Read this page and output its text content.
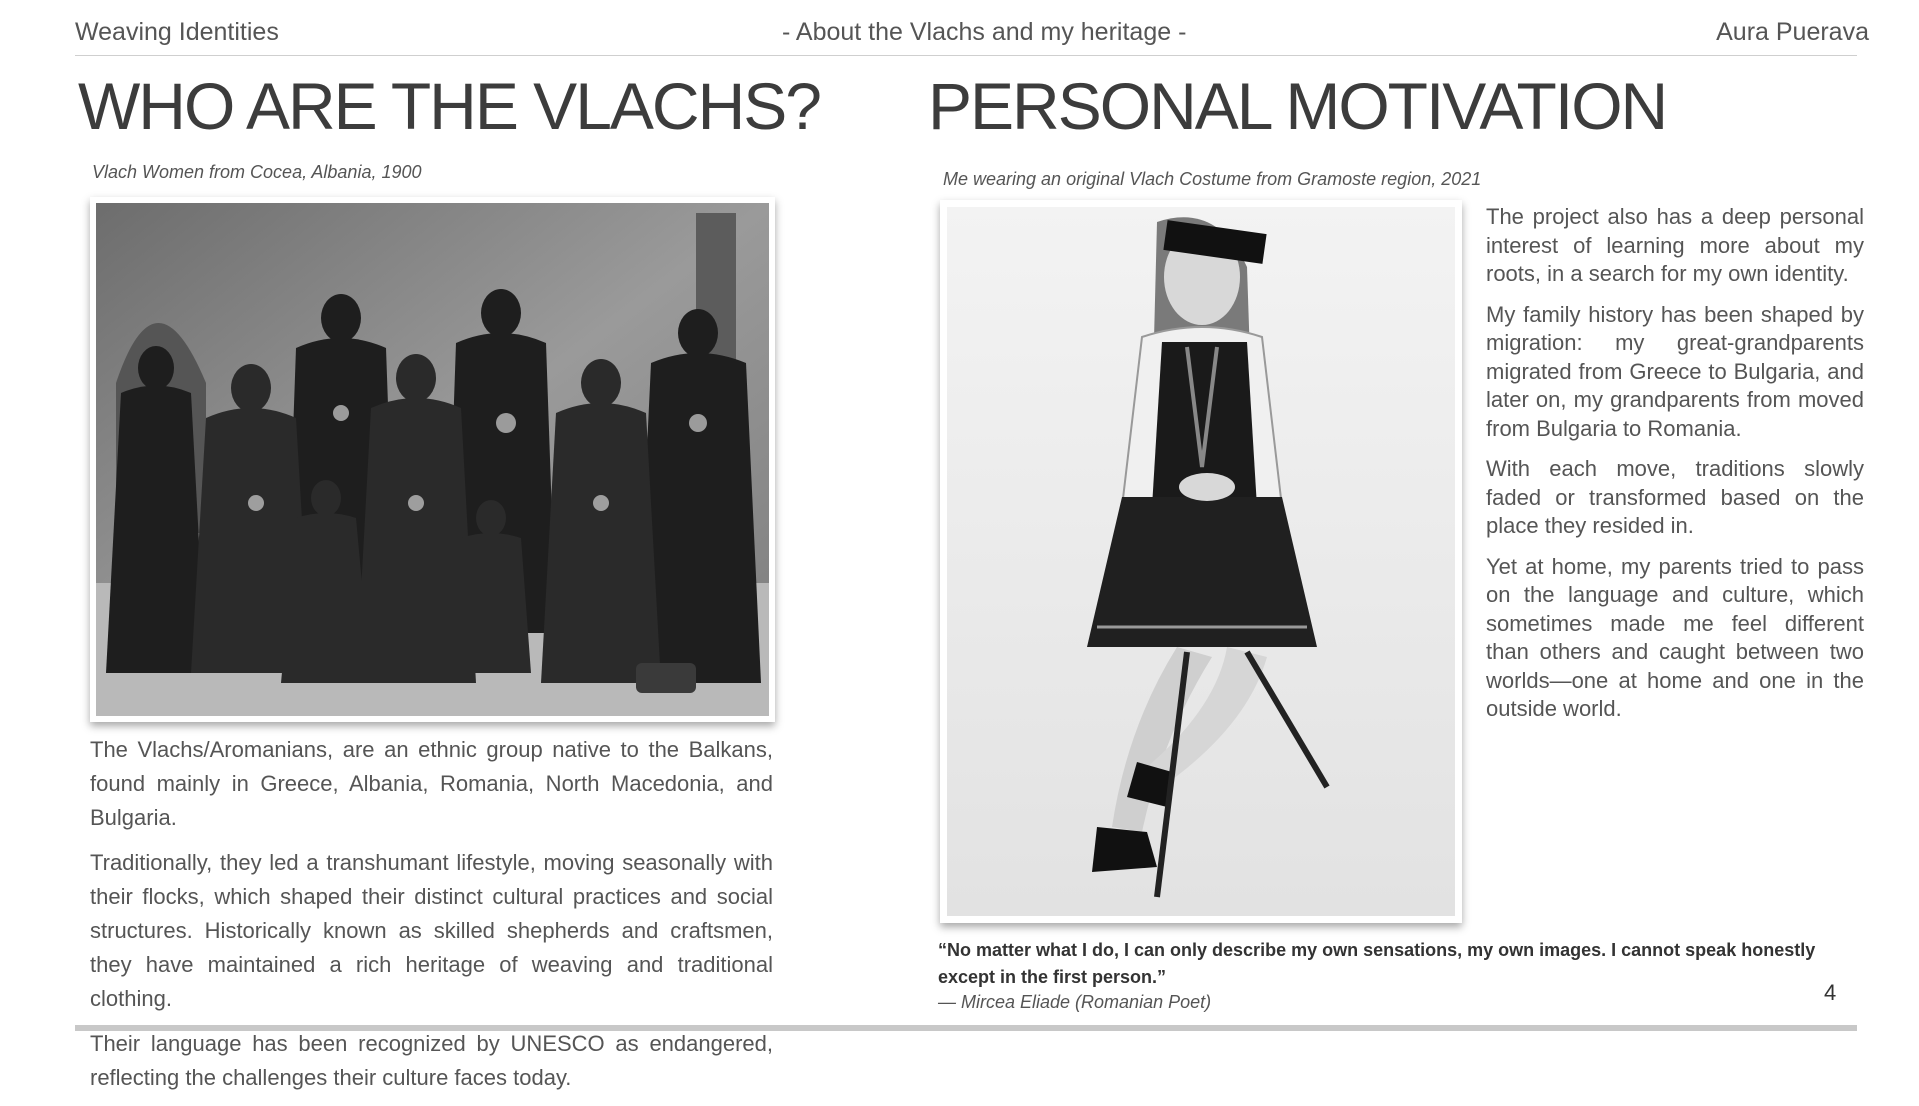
Weaving Identities	- About the Vlachs and my heritage -	Aura Puerava
WHO ARE THE VLACHS?
Vlach Women from Cocea, Albania, 1900

The Vlachs/Aromanians, are an ethnic group native to the Balkans, found mainly in Greece, Albania, Romania, North Macedonia, and Bulgaria.

Traditionally, they led a transhumant lifestyle, moving seasonally with their flocks, which shaped their distinct cultural practices and social structures. Historically known as skilled shepherds and craftsmen, they have maintained a rich heritage of weaving and traditional clothing.

Their language has been recognized by UNESCO as endangered, reflecting the challenges their culture faces today.

PERSONAL MOTIVATION
Me wearing an original Vlach Costume from Gramoste region, 2021

The project also has a deep personal interest of learning more about my roots, in a search for my own identity.

My family history has been shaped by migration: my great-grandparents migrated from Greece to Bulgaria, and later on, my grandparents from moved from Bulgaria to Romania.

With each move, traditions slowly faded or transformed based on the place they resided in.

Yet at home, my parents tried to pass on the language and culture, which sometimes made me feel different than others and caught between two worlds—one at home and one in the outside world.

“No matter what I do, I can only describe my own sensations, my own images. I cannot speak honestly except in the first person.”
— Mircea Eliade (Romanian Poet)	4
